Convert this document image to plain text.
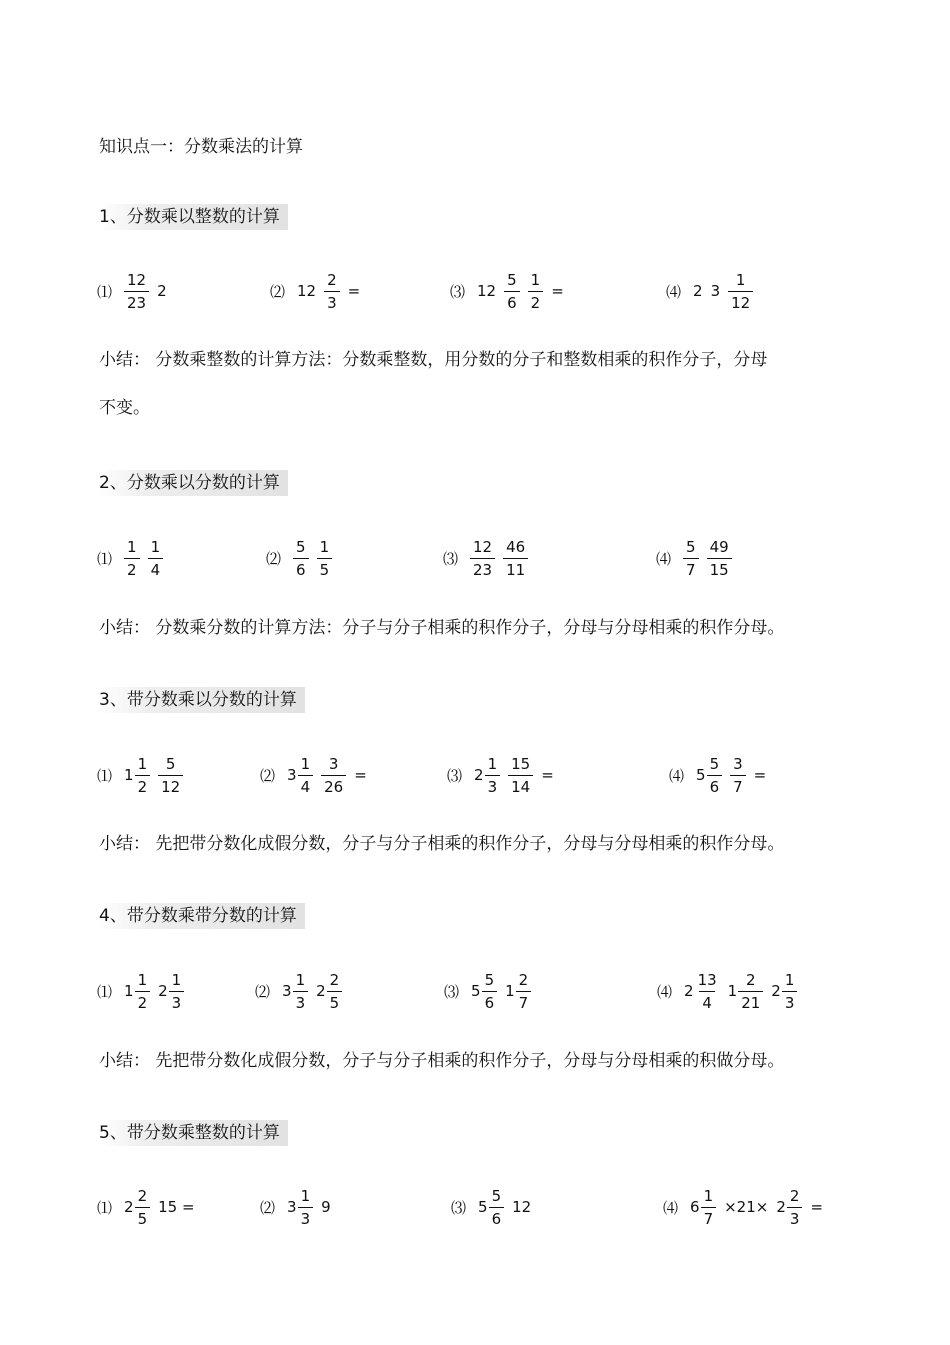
知识点一：分数乘法的计算
1、分数乘以整数的计算
⑴ $\frac{12}{23} 2$	⑵ $12 \frac{2}{3}$ =	⑶ $12 \frac{5}{6} \frac{1}{2}$ =	⑷ 2 $3 \frac{1}{12}$
小结： 分数乘整数的计算方法：分数乘整数，用分数的分子和整数相乘的积作分子，分母
不变。
2、分数乘以分数的计算
⑴ $\frac{1}{2} \frac{1}{4}$	⑵ $\frac{5}{6} \frac{1}{5}$	⑶ $\frac{12}{23} \frac{46}{11}$	⑷ $\frac{5}{7} \frac{49}{15}$
小结： 分数乘分数的计算方法：分子与分子相乘的积作分子，分母与分母相乘的积作分母。
3、带分数乘以分数的计算
⑴ $1 \frac{1}{2} \frac{5}{12}$	⑵ $3 \frac{1}{4} \frac{3}{26}$ =	⑶ $2 \frac{1}{3} \frac{15}{14}$ =	⑷ $5 \frac{5}{6} \frac{3}{7}$ =
小结： 先把带分数化成假分数，分子与分子相乘的积作分子，分母与分母相乘的积作分母。
4、带分数乘带分数的计算
⑴ $1 \frac{1}{2} 2 \frac{1}{3}$	⑵ $3 \frac{1}{3} 2 \frac{2}{5}$	⑶ $5 \frac{5}{6} 1 \frac{2}{7}$	⑷ $2 \frac{13}{4} 1 \frac{2}{21} 2 \frac{1}{3}$
小结： 先把带分数化成假分数，分子与分子相乘的积作分子，分母与分母相乘的积做分母。
5、带分数乘整数的计算
⑴ $2 \frac{2}{5} 15$ =	⑵ $3 \frac{1}{3} 9$	⑶ $5 \frac{5}{6} 12$	⑷ $6 \frac{1}{7} \times 21\times 2 \frac{2}{3}$ =
